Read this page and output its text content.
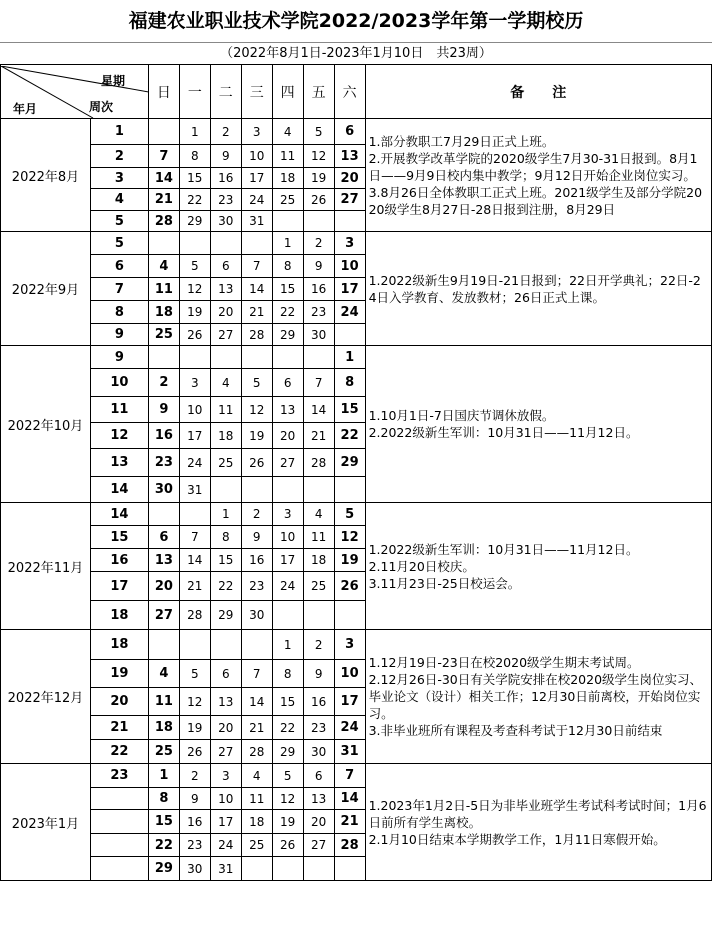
福建农业职业技术学院2022/2023学年第一学期校历
（2022年8月1日-2023年1月10日　共23周）
星期
周次
年月		日	一	二	三	四	五	六	备　　注
2022年8月	1		1	2	3	4	5	6	1.部分教职工7月29日正式上班。
2.开展教学改革学院的2020级学生7月30-31日报到。8月1日——9月9日校内集中教学；9月12日开始企业岗位实习。
3.8月26日全体教职工正式上班。2021级学生及部分学院2020级学生8月27日-28日报到注册，8月29日

	2	7	8	9	10	11	12	13	
	3	14	15	16	17	18	19	20	
	4	21	22	23	24	25	26	27	
	5	28	29	30	31				
2022年9月	5					1	2	3	1.2022级新生9月19日-21日报到；22日开学典礼；22日-24日入学教育、发放教材；26日正式上课。

	6	4	5	6	7	8	9	10	
	7	11	12	13	14	15	16	17	
	8	18	19	20	21	22	23	24	
	9	25	26	27	28	29	30		
2022年10月	9							1	1.10月1日-7日国庆节调休放假。
2.2022级新生军训：10月31日——11月12日。

	10	2	3	4	5	6	7	8	
	11	9	10	11	12	13	14	15	
	12	16	17	18	19	20	21	22	
	13	23	24	25	26	27	28	29	
	14	30	31						
2022年11月	14			1	2	3	4	5	1.2022级新生军训：10月31日——11月12日。
2.11月20日校庆。
3.11月23日-25日校运会。

	15	6	7	8	9	10	11	12	
	16	13	14	15	16	17	18	19	
	17	20	21	22	23	24	25	26	
	18	27	28	29	30				
2022年12月	18					1	2	3	1.12月19日-23日在校2020级学生期末考试周。
2.12月26日-30日有关学院安排在校2020级学生岗位实习、毕业论文（设计）相关工作；12月30日前离校，开始岗位实习。
3.非毕业班所有课程及考查科考试于12月30日前结束

	19	4	5	6	7	8	9	10	
	20	11	12	13	14	15	16	17	
	21	18	19	20	21	22	23	24	
	22	25	26	27	28	29	30	31	
2023年1月	23	1	2	3	4	5	6	7	1.2023年1月2日-5日为非毕业班学生考试科考试时间；1月6日前所有学生离校。
2.1月10日结束本学期教学工作，1月11日寒假开始。

		8	9	10	11	12	13	14	
		15	16	17	18	19	20	21	
		22	23	24	25	26	27	28	
		29	30	31					
